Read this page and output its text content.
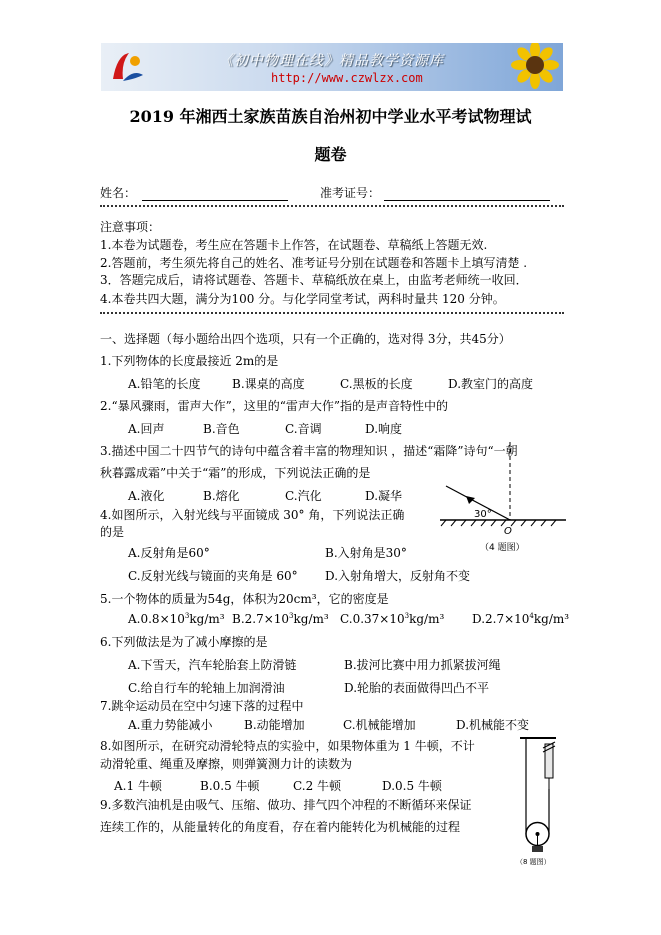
《初中物理在线》精品教学资源库
http://www.czwlzx.com
2019 年湘西土家族苗族自治州初中学业水平考试物理试
题卷
姓名：	准考证号：
注意事项：
1.本卷为试题卷，考生应在答题卡上作答，在试题卷、草稿纸上答题无效.
2.答题前，考生须先将自己的姓名、准考证号分别在试题卷和答题卡上填写清楚 .
3．答题完成后，请将试题卷、答题卡、草稿纸放在桌上，由监考老师统一收回．
4.本卷共四大题，满分为100 分。与化学同堂考试，两科时量共 120 分钟。
一、选择题（每小题给出四个选项，只有一个正确的，选对得 3分，共45分）
1.下列物体的长度最接近 2m的是
A.铅笔的长度	B.课桌的高度	C.黑板的长度	D.教室门的高度
2.“暴风骤雨，雷声大作”，这里的“雷声大作”指的是声音特性中的
A.回声	B.音色	C.音调	D.响度
3.描述中国二十四节气的诗句中蕴含着丰富的物理知识 ，描述“霜降”诗句“一朝
秋暮露成霜”中关于“霜”的形成，下列说法正确的是
A.液化	B.熔化	C.汽化	D.凝华
4.如图所示，入射光线与平面镜成 30° 角，下列说法正确
的是
A.反射角是60°	B.入射角是30°
C.反射光线与镜面的夹角是 60° D.入射角增大，反射角不变
30°
O
（4 题图）
5.一个物体的质量为54g，体积为20cm³，它的密度是
$A.0.8\times 10^3kg/m^3$ $B.2.7\times 10^3kg/m^3$ $C.0.37\times 10^3kg/m^3$ $D.2.7\times 10^4kg/m^3$
6.下列做法是为了减小摩擦的是
A.下雪天，汽车轮胎套上防滑链	B.拔河比赛中用力抓紧拔河绳
C.给自行车的轮轴上加润滑油	D.轮胎的表面做得凹凸不平
7.跳伞运动员在空中匀速下落的过程中
A.重力势能减小	B.动能增加	C.机械能增加	D.机械能不变
8.如图所示，在研究动滑轮特点的实验中，如果物体重为 1 牛顿，不计
动滑轮重、绳重及摩擦，则弹簧测力计的读数为
A.1 牛顿	B.0.5 牛顿	C.2 牛顿	D.0.5 牛顿
（8 题图）
9.多数汽油机是由吸气、压缩、做功、排气四个冲程的不断循环来保证
连续工作的，从能量转化的角度看，存在着内能转化为机械能的过程
